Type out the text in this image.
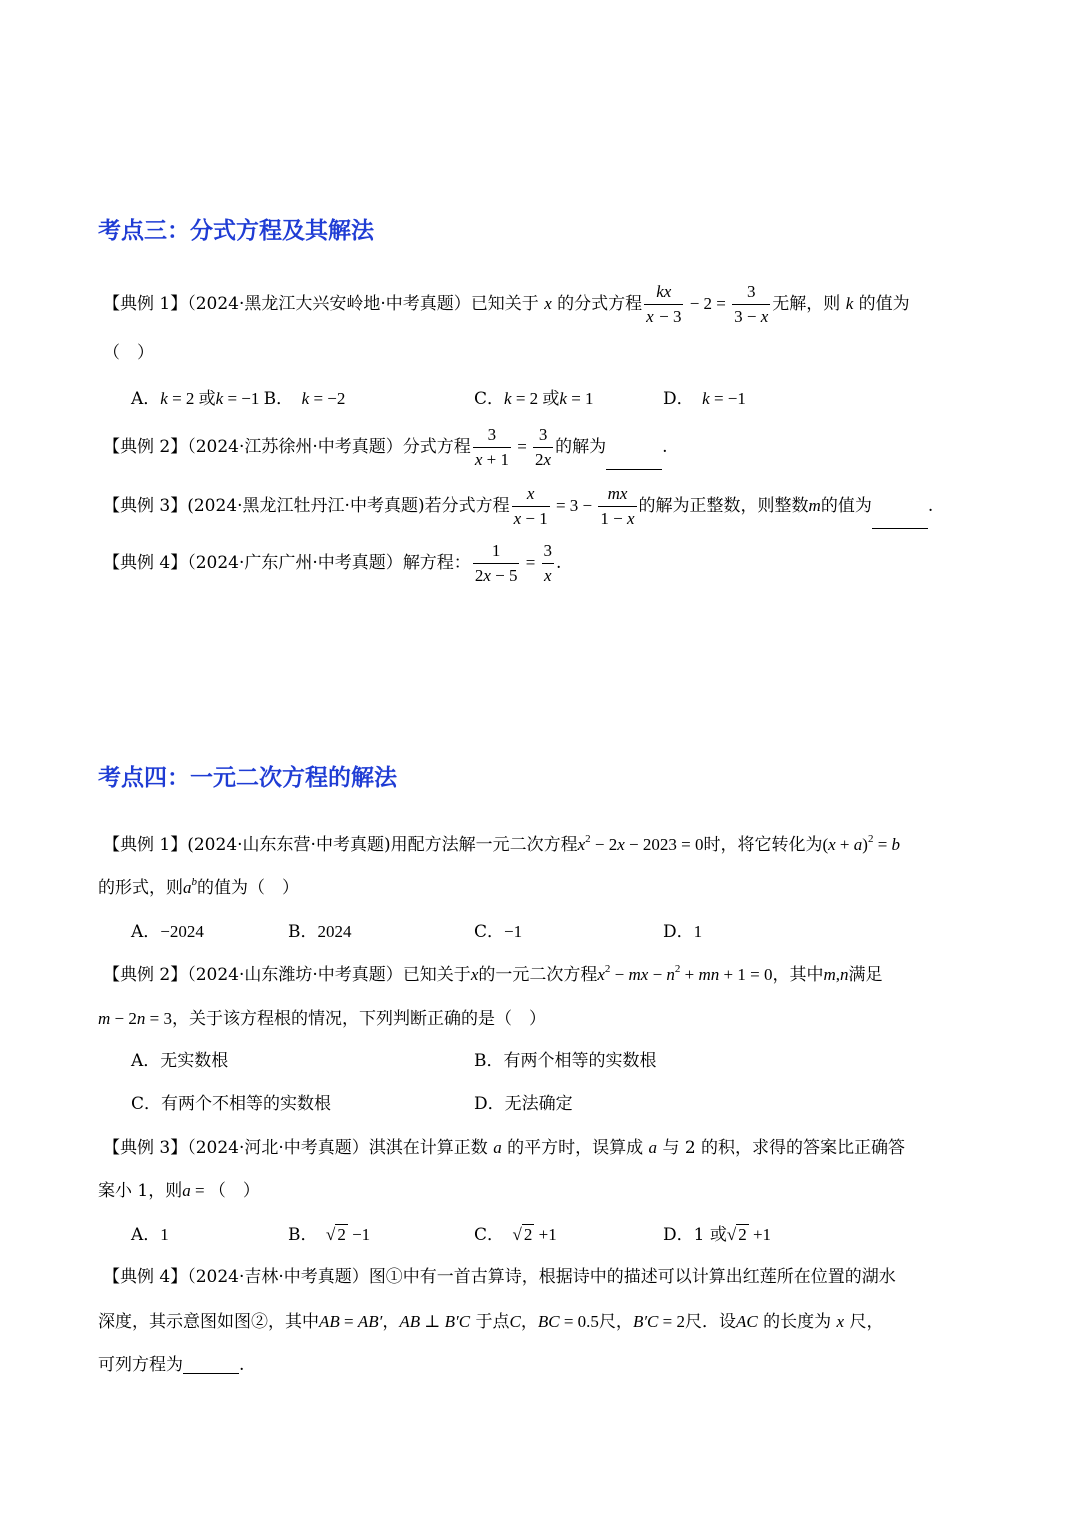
考点三：分式方程及其解法
【典例 1】（2024·黑龙江大兴安岭地·中考真题）已知关于 x 的分式方程 $\frac{kx}{x - 3} - 2 = \frac{3}{3 - x}$ 无解，则 k 的值为
（　）
A．k = 2 或k = −1 B．　 k = −2	C．k = 2 或k = 1	D．　 k = −1
【典例 2】（2024·江苏徐州·中考真题）分式方程 $\frac{3}{x + 1} = \frac{3}{2x}$ 的解为	.
【典例 3】(2024·黑龙江牡丹江·中考真题)若分式方程 $\frac{x}{x - 1} = 3 - \frac{mx}{1 - x}$ 的解为正整数，则整数m的值为	.
【典例 4】（2024·广东广州·中考真题）解方程： $\frac{1}{2x - 5} = \frac{3}{x}$ .
考点四：一元二次方程的解法
【典例 1】(2024·山东东营·中考真题)用配方法解一元二次方程$x^2 - 2x - 2023 = 0$时，将它转化为$(x + a)^2 = b$
的形式，则$a^b$的值为（　）
A．−2024	B．2024	C．−1	D．1
【典例 2】（2024·山东潍坊·中考真题）已知关于x的一元二次方程$x^2$ − mx − $n^2$ + mn + 1 = 0，其中m,n满足
m − 2n = 3，关于该方程根的情况，下列判断正确的是（　）
A．无实数根	B．有两个相等的实数根
C．有两个不相等的实数根	D．无法确定
【典例 3】（2024·河北·中考真题）淇淇在计算正数 a 的平方时，误算成 a 与 2 的积，求得的答案比正确答
案小 1，则a = （　）
A．1	B．　 √ 2 −1	C．　 √ 2 +1	D．1 或√ 2 +1
【典例 4】（2024·吉林·中考真题）图①中有一首古算诗，根据诗中的描述可以计算出红莲所在位置的湖水
深度，其示意图如图②，其中AB = AB′，AB ⊥ B′C 于点C，BC = 0.5尺，B′C = 2尺．设AC 的长度为 x 尺，
可列方程为	.
